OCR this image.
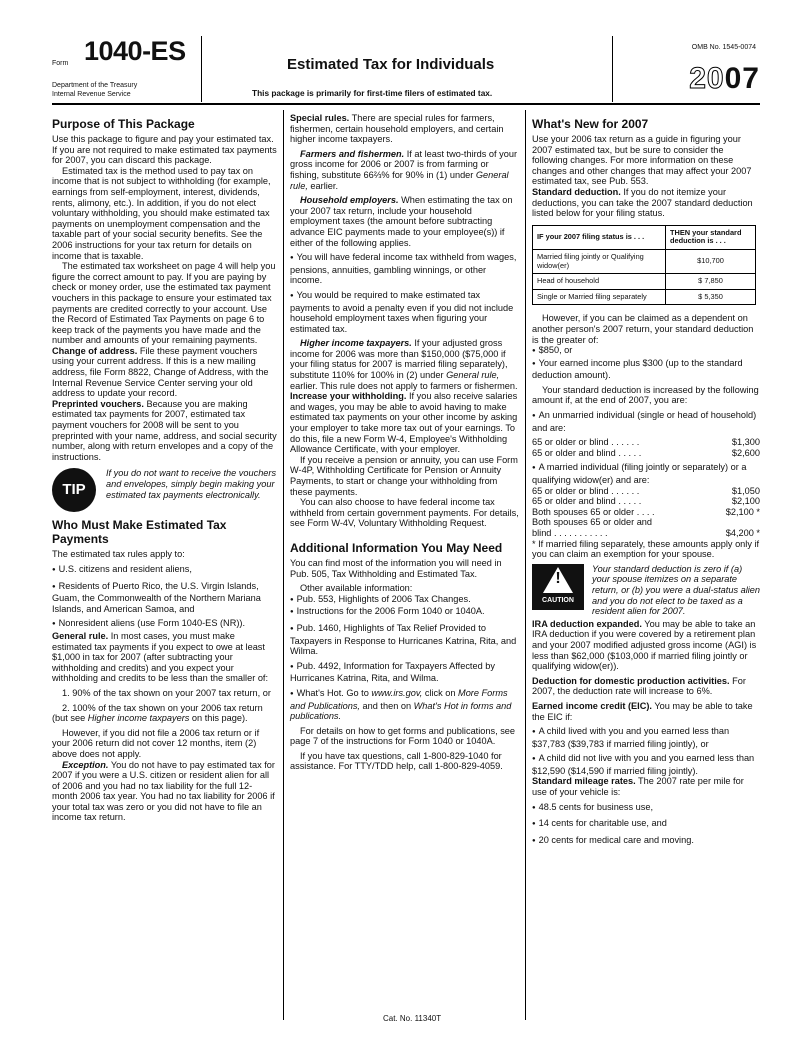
Form 1040-ES
Department of the Treasury
Internal Revenue Service
Estimated Tax for Individuals
This package is primarily for first-time filers of estimated tax.
OMB No. 1545-0074
2007
Purpose of This Package

Use this package to figure and pay your estimated tax. If you are not required to make estimated tax payments for 2007, you can discard this package.

Estimated tax is the method used to pay tax on income that is not subject to withholding (for example, earnings from self-employment, interest, dividends, rents, alimony, etc.). In addition, if you do not elect voluntary withholding, you should make estimated tax payments on unemployment compensation and the taxable part of your social security benefits. See the 2006 instructions for your tax return for details on income that is taxable.

The estimated tax worksheet on page 4 will help you figure the correct amount to pay. If you are paying by check or money order, use the estimated tax payment vouchers in this package to ensure your estimated tax payments are credited correctly to your account. Use the Record of Estimated Tax Payments on page 6 to keep track of the payments you have made and the number and amounts of your remaining payments.

Change of address. File these payment vouchers using your current address. If this is a new mailing address, file Form 8822, Change of Address, with the Internal Revenue Service Center serving your old address to update your record.

Preprinted vouchers. Because you are making estimated tax payments for 2007, estimated tax payment vouchers for 2008 will be sent to you preprinted with your name, address, and social security number, along with return envelopes and a copy of the instructions.

TIP
If you do not want to receive the vouchers and envelopes, simply begin making your estimated tax payments electronically.
Who Must Make Estimated Tax Payments

The estimated tax rules apply to:

● U.S. citizens and resident aliens,

● Residents of Puerto Rico, the U.S. Virgin Islands, Guam, the Commonwealth of the Northern Mariana Islands, and American Samoa, and

● Nonresident aliens (use Form 1040-ES (NR)).

General rule. In most cases, you must make estimated tax payments if you expect to owe at least $1,000 in tax for 2007 (after subtracting your withholding and credits) and you expect your withholding and credits to be less than the smaller of:

1. 90% of the tax shown on your 2007 tax return, or

2. 100% of the tax shown on your 2006 tax return (but see Higher income taxpayers on this page).

However, if you did not file a 2006 tax return or if your 2006 return did not cover 12 months, item (2) above does not apply.

Exception. You do not have to pay estimated tax for 2007 if you were a U.S. citizen or resident alien for all of 2006 and you had no tax liability for the full 12-month 2006 tax year. You had no tax liability for 2006 if your total tax was zero or you did not have to file an income tax return.

Special rules. There are special rules for farmers, fishermen, certain household employers, and certain higher income taxpayers.

Farmers and fishermen. If at least two-thirds of your gross income for 2006 or 2007 is from farming or fishing, substitute 66⅔% for 90% in (1) under General rule, earlier.

Household employers. When estimating the tax on your 2007 tax return, include your household employment taxes (the amount before subtracting advance EIC payments made to your employee(s)) if either of the following applies.

● You will have federal income tax withheld from wages, pensions, annuities, gambling winnings, or other income.

● You would be required to make estimated tax payments to avoid a penalty even if you did not include household employment taxes when figuring your estimated tax.

Higher income taxpayers. If your adjusted gross income for 2006 was more than $150,000 ($75,000 if your filing status for 2007 is married filing separately), substitute 110% for 100% in (2) under General rule, earlier. This rule does not apply to farmers or fishermen.

Increase your withholding. If you also receive salaries and wages, you may be able to avoid having to make estimated tax payments on your other income by asking your employer to take more tax out of your earnings. To do this, file a new Form W-4, Employee's Withholding Allowance Certificate, with your employer.

If you receive a pension or annuity, you can use Form W-4P, Withholding Certificate for Pension or Annuity Payments, to start or change your withholding from these payments.

You can also choose to have federal income tax withheld from certain government payments. For details, see Form W-4V, Voluntary Withholding Request.

Additional Information You May Need

You can find most of the information you will need in Pub. 505, Tax Withholding and Estimated Tax.

Other available information:

● Pub. 553, Highlights of 2006 Tax Changes.

● Instructions for the 2006 Form 1040 or 1040A.

● Pub. 1460, Highlights of Tax Relief Provided to Taxpayers in Response to Hurricanes Katrina, Rita, and Wilma.

● Pub. 4492, Information for Taxpayers Affected by Hurricanes Katrina, Rita, and Wilma.

● What's Hot. Go to www.irs.gov, click on More Forms and Publications, and then on What's Hot in forms and publications.

For details on how to get forms and publications, see page 7 of the instructions for Form 1040 or 1040A.

If you have tax questions, call 1-800-829-1040 for assistance. For TTY/TDD help, call 1-800-829-4059.

What's New for 2007

Use your 2006 tax return as a guide in figuring your 2007 estimated tax, but be sure to consider the following changes. For more information on these changes and other changes that may affect your 2007 estimated tax, see Pub. 553.

Standard deduction. If you do not itemize your deductions, you can take the 2007 standard deduction listed below for your filing status.

IF your 2007 filing status is . . .	THEN your standard deduction is . . .
Married filing jointly or Qualifying widow(er)	$10,700
Head of household	$ 7,850
Single or Married filing separately	$ 5,350

However, if you can be claimed as a dependent on another person's 2007 return, your standard deduction is the greater of:

● $850, or

● Your earned income plus $300 (up to the standard deduction amount).

Your standard deduction is increased by the following amount if, at the end of 2007, you are:

● An unmarried individual (single or head of household) and are:

65 or older or blind . . . . . .	$1,300
65 or older and blind . . . . .	$2,600

● A married individual (filing jointly or separately) or a qualifying widow(er) and are:

65 or older or blind . . . . . .	$1,050
65 or older and blind . . . . .	$2,100
Both spouses 65 or older . . . .	$2,100 *
Both spouses 65 or older and
blind . . . . . . . . . . .	$4,200 *

* If married filing separately, these amounts apply only if you can claim an exemption for your spouse.

!
CAUTION
Your standard deduction is zero if (a) your spouse itemizes on a separate return, or (b) you were a dual-status alien and you do not elect to be taxed as a resident alien for 2007.

IRA deduction expanded. You may be able to take an IRA deduction if you were covered by a retirement plan and your 2007 modified adjusted gross income (AGI) is less than $62,000 ($103,000 if married filing jointly or qualifying widow(er)).

Deduction for domestic production activities. For 2007, the deduction rate will increase to 6%.

Earned income credit (EIC). You may be able to take the EIC if:

● A child lived with you and you earned less than $37,783 ($39,783 if married filing jointly), or

● A child did not live with you and you earned less than $12,590 ($14,590 if married filing jointly).

Standard mileage rates. The 2007 rate per mile for use of your vehicle is:

● 48.5 cents for business use,

● 14 cents for charitable use, and

● 20 cents for medical care and moving.

Cat. No. 11340T
